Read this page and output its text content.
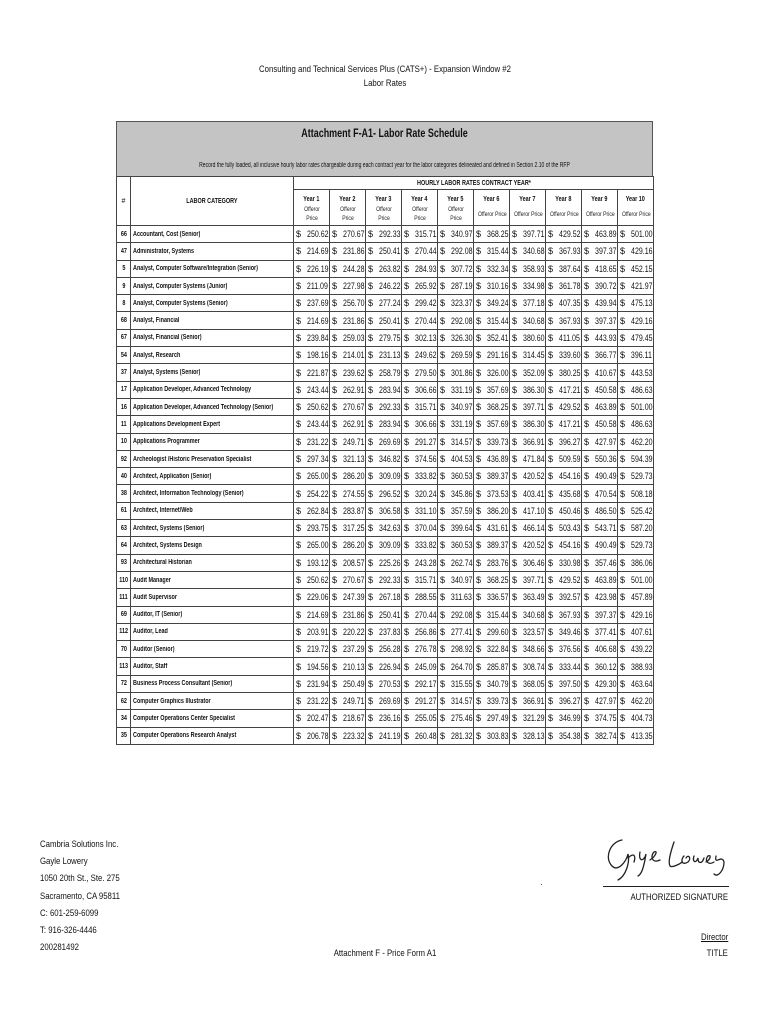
Consulting and Technical Services Plus (CATS+) - Expansion Window #2
Labor Rates
Attachment F-A1- Labor Rate Schedule
Record the fully loaded, all inclusive hourly labor rates chargeable during each contract year for the labor categories delineated and defined in Section 2.10 of the RFP
#	LABOR CATEGORY	HOURLY LABOR RATES CONTRACT YEAR*									
		Year 1	Year 2	Year 3	Year 4	Year 5	Year 6	Year 7	Year 8	Year 9	Year 10
		Offeror Price	Offeror Price	Offeror Price	Offeror Price	Offeror Price	Offeror Price	Offeror Price	Offeror Price	Offeror Price	Offeror Price
66	Accountant, Cost (Senior)	$ 250.62	$ 270.67	$ 292.33	$ 315.71	$ 340.97	$ 368.25	$ 397.71	$ 429.52	$ 463.89	$ 501.00
47	Administrator, Systems	$ 214.69	$ 231.86	$ 250.41	$ 270.44	$ 292.08	$ 315.44	$ 340.68	$ 367.93	$ 397.37	$ 429.16
5	Analyst, Computer Software/Integration (Senior)	$ 226.19	$ 244.28	$ 263.82	$ 284.93	$ 307.72	$ 332.34	$ 358.93	$ 387.64	$ 418.65	$ 452.15
9	Analyst, Computer Systems (Junior)	$ 211.09	$ 227.98	$ 246.22	$ 265.92	$ 287.19	$ 310.16	$ 334.98	$ 361.78	$ 390.72	$ 421.97
8	Analyst, Computer Systems (Senior)	$ 237.69	$ 256.70	$ 277.24	$ 299.42	$ 323.37	$ 349.24	$ 377.18	$ 407.35	$ 439.94	$ 475.13
68	Analyst, Financial	$ 214.69	$ 231.86	$ 250.41	$ 270.44	$ 292.08	$ 315.44	$ 340.68	$ 367.93	$ 397.37	$ 429.16
67	Analyst, Financial (Senior)	$ 239.84	$ 259.03	$ 279.75	$ 302.13	$ 326.30	$ 352.41	$ 380.60	$ 411.05	$ 443.93	$ 479.45
54	Analyst, Research	$ 198.16	$ 214.01	$ 231.13	$ 249.62	$ 269.59	$ 291.16	$ 314.45	$ 339.60	$ 366.77	$ 396.11
37	Analyst, Systems (Senior)	$ 221.87	$ 239.62	$ 258.79	$ 279.50	$ 301.86	$ 326.00	$ 352.09	$ 380.25	$ 410.67	$ 443.53
17	Application Developer, Advanced Technology	$ 243.44	$ 262.91	$ 283.94	$ 306.66	$ 331.19	$ 357.69	$ 386.30	$ 417.21	$ 450.58	$ 486.63
16	Application Developer, Advanced Technology (Senior)	$ 250.62	$ 270.67	$ 292.33	$ 315.71	$ 340.97	$ 368.25	$ 397.71	$ 429.52	$ 463.89	$ 501.00
11	Applications Development Expert	$ 243.44	$ 262.91	$ 283.94	$ 306.66	$ 331.19	$ 357.69	$ 386.30	$ 417.21	$ 450.58	$ 486.63
10	Applications Programmer	$ 231.22	$ 249.71	$ 269.69	$ 291.27	$ 314.57	$ 339.73	$ 366.91	$ 396.27	$ 427.97	$ 462.20
92	Archeologist /Historic Preservation Specialist	$ 297.34	$ 321.13	$ 346.82	$ 374.56	$ 404.53	$ 436.89	$ 471.84	$ 509.59	$ 550.36	$ 594.39
40	Architect, Application (Senior)	$ 265.00	$ 286.20	$ 309.09	$ 333.82	$ 360.53	$ 389.37	$ 420.52	$ 454.16	$ 490.49	$ 529.73
38	Architect, Information Technology (Senior)	$ 254.22	$ 274.55	$ 296.52	$ 320.24	$ 345.86	$ 373.53	$ 403.41	$ 435.68	$ 470.54	$ 508.18
61	Architect, Internet/Web	$ 262.84	$ 283.87	$ 306.58	$ 331.10	$ 357.59	$ 386.20	$ 417.10	$ 450.46	$ 486.50	$ 525.42
63	Architect, Systems (Senior)	$ 293.75	$ 317.25	$ 342.63	$ 370.04	$ 399.64	$ 431.61	$ 466.14	$ 503.43	$ 543.71	$ 587.20
64	Architect, Systems Design	$ 265.00	$ 286.20	$ 309.09	$ 333.82	$ 360.53	$ 389.37	$ 420.52	$ 454.16	$ 490.49	$ 529.73
93	Architectural Historian	$ 193.12	$ 208.57	$ 225.26	$ 243.28	$ 262.74	$ 283.76	$ 306.46	$ 330.98	$ 357.46	$ 386.06
110	Audit Manager	$ 250.62	$ 270.67	$ 292.33	$ 315.71	$ 340.97	$ 368.25	$ 397.71	$ 429.52	$ 463.89	$ 501.00
111	Audit Supervisor	$ 229.06	$ 247.39	$ 267.18	$ 288.55	$ 311.63	$ 336.57	$ 363.49	$ 392.57	$ 423.98	$ 457.89
69	Auditor, IT (Senior)	$ 214.69	$ 231.86	$ 250.41	$ 270.44	$ 292.08	$ 315.44	$ 340.68	$ 367.93	$ 397.37	$ 429.16
112	Auditor, Lead	$ 203.91	$ 220.22	$ 237.83	$ 256.86	$ 277.41	$ 299.60	$ 323.57	$ 349.46	$ 377.41	$ 407.61
70	Auditor (Senior)	$ 219.72	$ 237.29	$ 256.28	$ 276.78	$ 298.92	$ 322.84	$ 348.66	$ 376.56	$ 406.68	$ 439.22
113	Auditor, Staff	$ 194.56	$ 210.13	$ 226.94	$ 245.09	$ 264.70	$ 285.87	$ 308.74	$ 333.44	$ 360.12	$ 388.93
72	Business Process Consultant (Senior)	$ 231.94	$ 250.49	$ 270.53	$ 292.17	$ 315.55	$ 340.79	$ 368.05	$ 397.50	$ 429.30	$ 463.64
62	Computer Graphics Illustrator	$ 231.22	$ 249.71	$ 269.69	$ 291.27	$ 314.57	$ 339.73	$ 366.91	$ 396.27	$ 427.97	$ 462.20
34	Computer Operations Center Specialist	$ 202.47	$ 218.67	$ 236.16	$ 255.05	$ 275.46	$ 297.49	$ 321.29	$ 346.99	$ 374.75	$ 404.73
35	Computer Operations Research Analyst	$ 206.78	$ 223.32	$ 241.19	$ 260.48	$ 281.32	$ 303.83	$ 328.13	$ 354.38	$ 382.74	$ 413.35
Cambria Solutions Inc.
Gayle Lowery
1050 20th St., Ste. 275
Sacramento, CA 95811
C: 601-259-6099
T: 916-326-4446
200281492
·
AUTHORIZED SIGNATURE
Director
TITLE
Attachment F - Price Form A1
